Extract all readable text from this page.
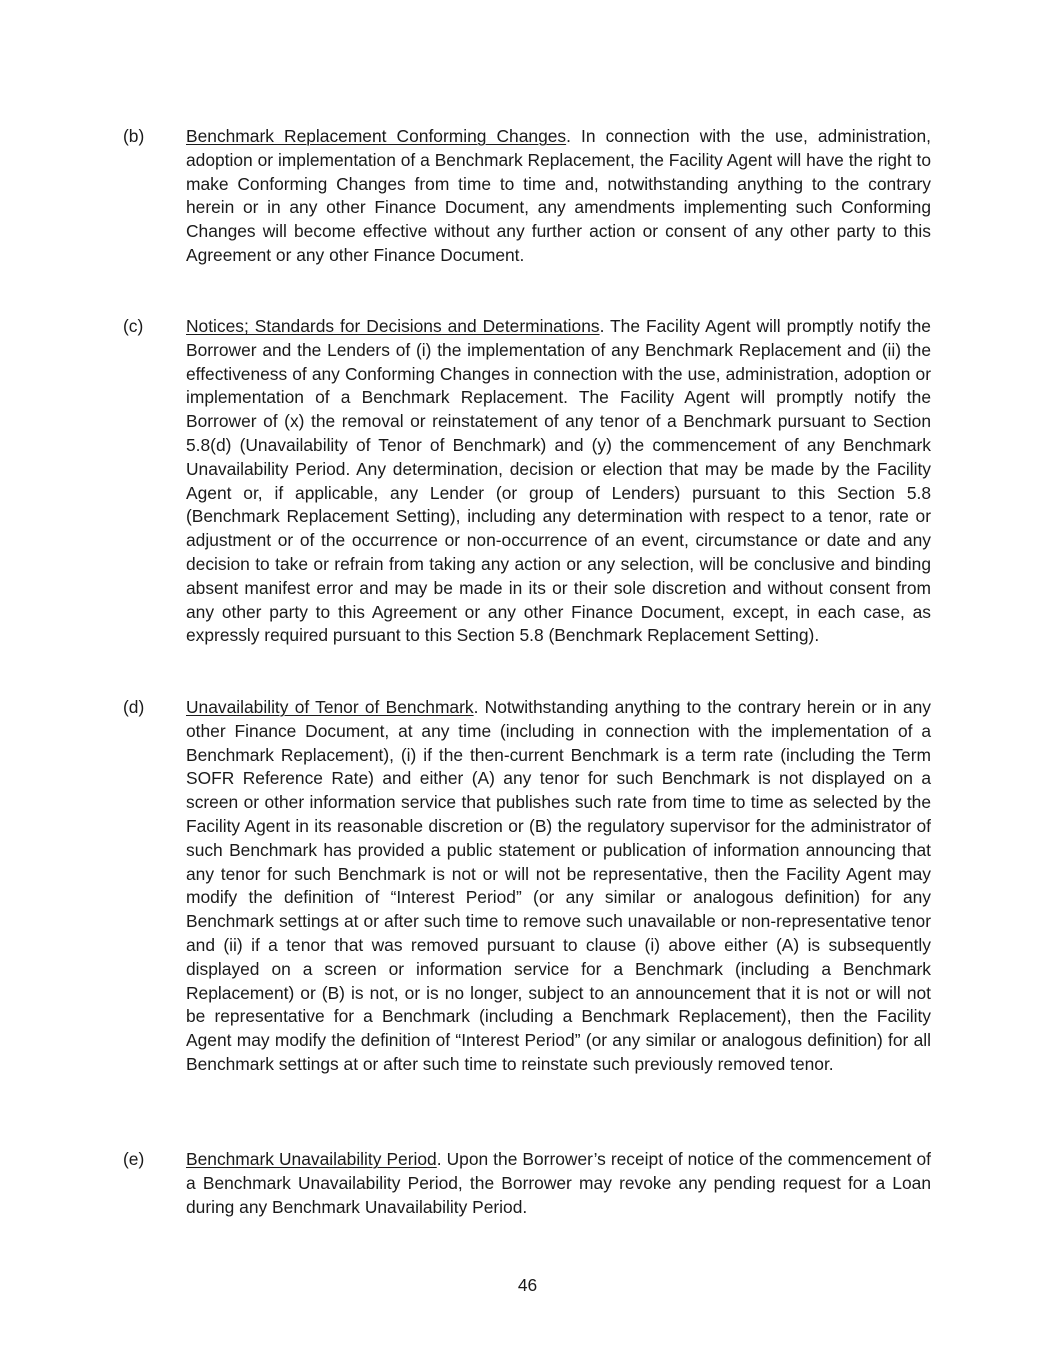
(b) Benchmark Replacement Conforming Changes. In connection with the use, administration, adoption or implementation of a Benchmark Replacement, the Facility Agent will have the right to make Conforming Changes from time to time and, notwithstanding anything to the contrary herein or in any other Finance Document, any amendments implementing such Conforming Changes will become effective without any further action or consent of any other party to this Agreement or any other Finance Document.
(c) Notices; Standards for Decisions and Determinations. The Facility Agent will promptly notify the Borrower and the Lenders of (i) the implementation of any Benchmark Replacement and (ii) the effectiveness of any Conforming Changes in connection with the use, administration, adoption or implementation of a Benchmark Replacement. The Facility Agent will promptly notify the Borrower of (x) the removal or reinstatement of any tenor of a Benchmark pursuant to Section 5.8(d) (Unavailability of Tenor of Benchmark) and (y) the commencement of any Benchmark Unavailability Period. Any determination, decision or election that may be made by the Facility Agent or, if applicable, any Lender (or group of Lenders) pursuant to this Section 5.8 (Benchmark Replacement Setting), including any determination with respect to a tenor, rate or adjustment or of the occurrence or non-occurrence of an event, circumstance or date and any decision to take or refrain from taking any action or any selection, will be conclusive and binding absent manifest error and may be made in its or their sole discretion and without consent from any other party to this Agreement or any other Finance Document, except, in each case, as expressly required pursuant to this Section 5.8 (Benchmark Replacement Setting).
(d) Unavailability of Tenor of Benchmark. Notwithstanding anything to the contrary herein or in any other Finance Document, at any time (including in connection with the implementation of a Benchmark Replacement), (i) if the then-current Benchmark is a term rate (including the Term SOFR Reference Rate) and either (A) any tenor for such Benchmark is not displayed on a screen or other information service that publishes such rate from time to time as selected by the Facility Agent in its reasonable discretion or (B) the regulatory supervisor for the administrator of such Benchmark has provided a public statement or publication of information announcing that any tenor for such Benchmark is not or will not be representative, then the Facility Agent may modify the definition of “Interest Period” (or any similar or analogous definition) for any Benchmark settings at or after such time to remove such unavailable or non-representative tenor and (ii) if a tenor that was removed pursuant to clause (i) above either (A) is subsequently displayed on a screen or information service for a Benchmark (including a Benchmark Replacement) or (B) is not, or is no longer, subject to an announcement that it is not or will not be representative for a Benchmark (including a Benchmark Replacement), then the Facility Agent may modify the definition of “Interest Period” (or any similar or analogous definition) for all Benchmark settings at or after such time to reinstate such previously removed tenor.
(e) Benchmark Unavailability Period. Upon the Borrower’s receipt of notice of the commencement of a Benchmark Unavailability Period, the Borrower may revoke any pending request for a Loan during any Benchmark Unavailability Period.
46
